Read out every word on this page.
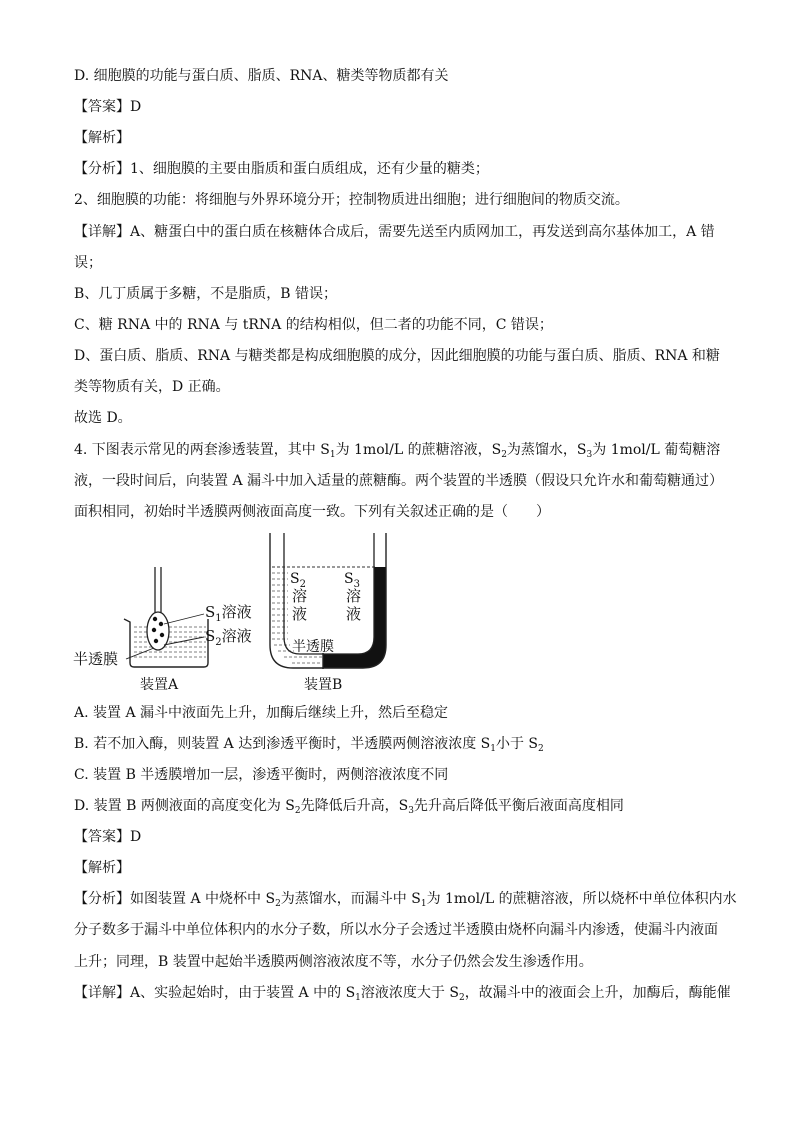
D. 细胞膜的功能与蛋白质、脂质、RNA、糖类等物质都有关
【答案】D
【解析】
【分析】1、细胞膜的主要由脂质和蛋白质组成，还有少量的糖类；
2、细胞膜的功能：将细胞与外界环境分开；控制物质进出细胞；进行细胞间的物质交流。
【详解】A、糖蛋白中的蛋白质在核糖体合成后，需要先送至内质网加工，再发送到高尔基体加工，A 错
误；
B、几丁质属于多糖，不是脂质，B 错误；
C、糖 RNA 中的 RNA 与 tRNA 的结构相似，但二者的功能不同，C 错误；
D、蛋白质、脂质、RNA 与糖类都是构成细胞膜的成分，因此细胞膜的功能与蛋白质、脂质、RNA 和糖
类等物质有关，D 正确。
故选 D。
4. 下图表示常见的两套渗透装置，其中 $S_1$为 1mol/L 的蔗糖溶液，$S_2$为蒸馏水，$S_3$为 1mol/L 葡萄糖溶
液，一段时间后，向装置 A 漏斗中加入适量的蔗糖酶。两个装置的半透膜（假设只允许水和葡萄糖通过）
面积相同，初始时半透膜两侧液面高度一致。下列有关叙述正确的是（　　）
$S_1$溶液
$S_2$溶液
半透膜
装置A
$S_2$
溶
液
$S_3$
溶
液
半透膜
装置B
A. 装置 A 漏斗中液面先上升，加酶后继续上升，然后至稳定
B. 若不加入酶，则装置 A 达到渗透平衡时，半透膜两侧溶液浓度 $S_1$小于 $S_2$
C. 装置 B 半透膜增加一层，渗透平衡时，两侧溶液浓度不同
D. 装置 B 两侧液面的高度变化为 $S_2$先降低后升高，$S_3$先升高后降低平衡后液面高度相同
【答案】D
【解析】
【分析】如图装置 A 中烧杯中 $S_2$为蒸馏水，而漏斗中 $S_1$为 1mol/L 的蔗糖溶液，所以烧杯中单位体积内水
分子数多于漏斗中单位体积内的水分子数，所以水分子会透过半透膜由烧杯向漏斗内渗透，使漏斗内液面
上升；同理，B 装置中起始半透膜两侧溶液浓度不等，水分子仍然会发生渗透作用。
【详解】A、实验起始时，由于装置 A 中的 $S_1$溶液浓度大于 $S_2$，故漏斗中的液面会上升，加酶后，酶能催
